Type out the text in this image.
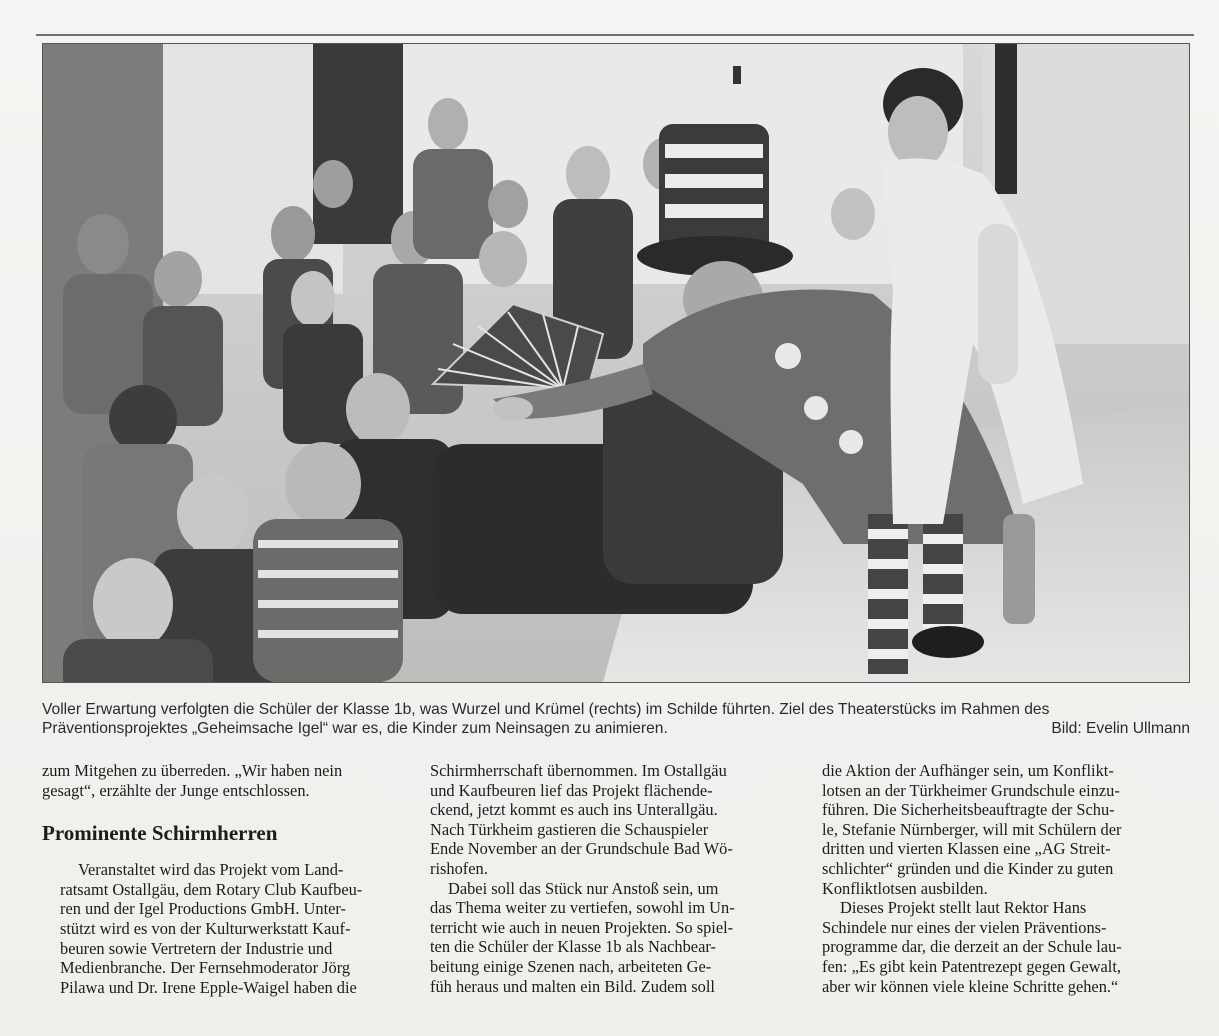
Voller Erwartung verfolgten die Schüler der Klasse 1b, was Wurzel und Krümel (rechts) im Schilde führten. Ziel des Theaterstücks im Rahmen des
Präventionsprojektes „Geheimsache Igel“ war es, die Kinder zum Neinsagen zu animieren.	Bild: Evelin Ullmann

zum Mitgehen zu überreden. „Wir haben nein
gesagt“, erzählte der Junge entschlossen.

Prominente Schirmherren

Veranstaltet wird das Projekt vom Land-
ratsamt Ostallgäu, dem Rotary Club Kaufbeu-
ren und der Igel Productions GmbH. Unter-
stützt wird es von der Kulturwerkstatt Kauf-
beuren sowie Vertretern der Industrie und
Medienbranche. Der Fernsehmoderator Jörg
Pilawa und Dr. Irene Epple-Waigel haben die

Schirmherrschaft übernommen. Im Ostallgäu
und Kaufbeuren lief das Projekt flächende-
ckend, jetzt kommt es auch ins Unterallgäu.
Nach Türkheim gastieren die Schauspieler
Ende November an der Grundschule Bad Wö-
rishofen.

Dabei soll das Stück nur Anstoß sein, um
das Thema weiter zu vertiefen, sowohl im Un-
terricht wie auch in neuen Projekten. So spiel-
ten die Schüler der Klasse 1b als Nachbear-
beitung einige Szenen nach, arbeiteten Ge-
füh heraus und malten ein Bild. Zudem soll

die Aktion der Aufhänger sein, um Konflikt-
lotsen an der Türkheimer Grundschule einzu-
führen. Die Sicherheitsbeauftragte der Schu-
le, Stefanie Nürnberger, will mit Schülern der
dritten und vierten Klassen eine „AG Streit-
schlichter“ gründen und die Kinder zu guten
Konfliktlotsen ausbilden.

Dieses Projekt stellt laut Rektor Hans
Schindele nur eines der vielen Präventions-
programme dar, die derzeit an der Schule lau-
fen: „Es gibt kein Patentrezept gegen Gewalt,
aber wir können viele kleine Schritte gehen.“
